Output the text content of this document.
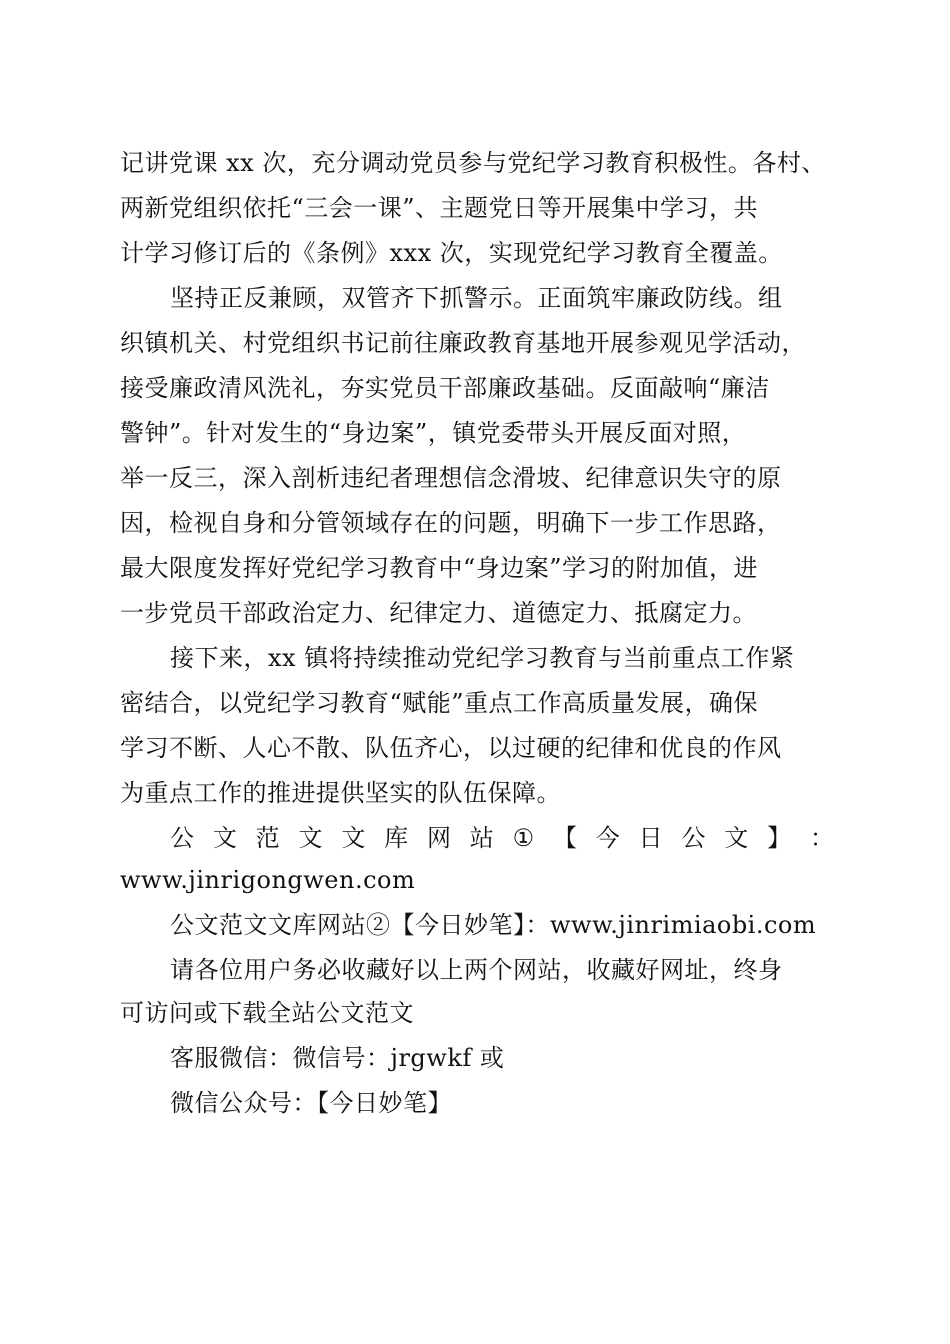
记讲党课 xx 次，充分调动党员参与党纪学习教育积极性。各村、
两新党组织依托“三会一课”、主题党日等开展集中学习，共
计学习修订后的《条例》xxx 次，实现党纪学习教育全覆盖。
坚持正反兼顾，双管齐下抓警示。正面筑牢廉政防线。组
织镇机关、村党组织书记前往廉政教育基地开展参观见学活动，
接受廉政清风洗礼，夯实党员干部廉政基础。反面敲响“廉洁
警钟”。针对发生的“身边案”，镇党委带头开展反面对照，
举一反三，深入剖析违纪者理想信念滑坡、纪律意识失守的原
因，检视自身和分管领域存在的问题，明确下一步工作思路，
最大限度发挥好党纪学习教育中“身边案”学习的附加值，进
一步党员干部政治定力、纪律定力、道德定力、抵腐定力。
接下来，xx 镇将持续推动党纪学习教育与当前重点工作紧
密结合，以党纪学习教育“赋能”重点工作高质量发展，确保
学习不断、人心不散、队伍齐心，以过硬的纪律和优良的作风
为重点工作的推进提供坚实的队伍保障。
公 文 范 文 文 库 网 站 ① 【 今 日 公 文 】 ：
www.jinrigongwen.com
公文范文文库网站②【今日妙笔】：www.jinrimiaobi.com
请各位用户务必收藏好以上两个网站，收藏好网址，终身
可访问或下载全站公文范文
客服微信：微信号：jrgwkf 或
微信公众号：【今日妙笔】
